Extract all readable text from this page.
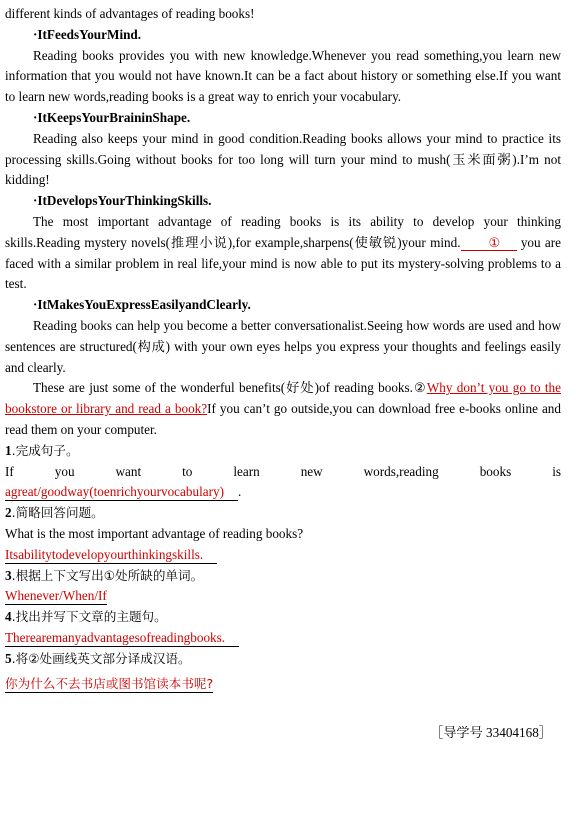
different kinds of advantages of reading books!

·ItFeedsYourMind.

Reading books provides you with new knowledge.Whenever you read something,you learn new information that you would not have known.It can be a fact about history or something else.If you want to learn new words,reading books is a great way to enrich your vocabulary.

·ItKeepsYourBraininShape.

Reading also keeps your mind in good condition.Reading books allows your mind to practice its processing skills.Going without books for too long will turn your mind to mush(玉米面粥).I’m not kidding!

·ItDevelopsYourThinkingSkills.

The most important advantage of reading books is its ability to develop your thinking skills.Reading mystery novels(推理小说),for example,sharpens(使敏锐)your mind. ① you are faced with a similar problem in real life,your mind is now able to put its mystery-solving problems to a test.

·ItMakesYouExpressEasilyandClearly.

Reading books can help you become a better conversationalist.Seeing how words are used and how sentences are structured(构成) with your own eyes helps you express your thoughts and feelings easily and clearly.

These are just some of the wonderful benefits(好处)of reading books.②Why don’t you go to the bookstore or library and read a book?If you can’t go outside,you can download free e-books online and read them on your computer.

1.完成句子。

If you want to learn new words,reading books is

agreat/goodway(toenrichyourvocabulary) .

2.简略回答问题。

What is the most important advantage of reading books?

Itsabilitytodevelopyourthinkingskills.

3.根据上下文写出①处所缺的单词。

Whenever/When/If

4.找出并写下文章的主题句。

Therearemanyadvantagesofreadingbooks.

5.将②处画线英文部分译成汉语。

你为什么不去书店或图书馆读本书呢?

［导学号 33404168］
